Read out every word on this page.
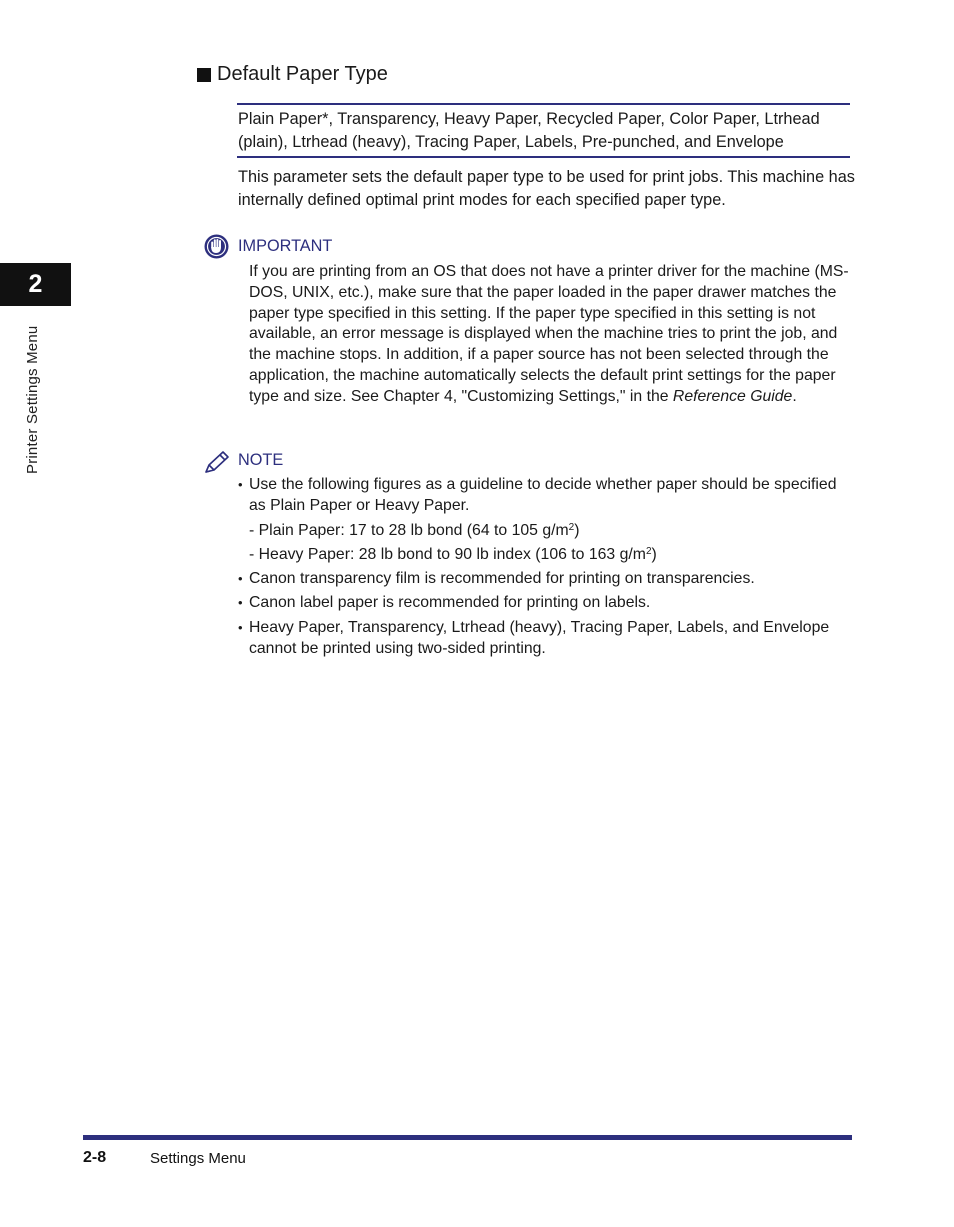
2
Printer Settings Menu
Default Paper Type
Plain Paper*, Transparency, Heavy Paper, Recycled Paper, Color Paper, Ltrhead (plain), Ltrhead (heavy), Tracing Paper, Labels, Pre-punched, and Envelope
This parameter sets the default paper type to be used for print jobs. This machine has internally defined optimal print modes for each specified paper type.
IMPORTANT
If you are printing from an OS that does not have a printer driver for the machine (MS-DOS, UNIX, etc.), make sure that the paper loaded in the paper drawer matches the paper type specified in this setting. If the paper type specified in this setting is not available, an error message is displayed when the machine tries to print the job, and the machine stops. In addition, if a paper source has not been selected through the application, the machine automatically selects the default print settings for the paper type and size. See Chapter 4, "Customizing Settings," in the Reference Guide.
NOTE
• Use the following figures as a guideline to decide whether paper should be specified as Plain Paper or Heavy Paper.
- Plain Paper: 17 to 28 lb bond (64 to 105 $g/m^2$)
- Heavy Paper: 28 lb bond to 90 lb index (106 to 163 $g/m^2$)
• Canon transparency film is recommended for printing on transparencies.
• Canon label paper is recommended for printing on labels.
• Heavy Paper, Transparency, Ltrhead (heavy), Tracing Paper, Labels, and Envelope cannot be printed using two-sided printing.
2-8	Settings Menu
